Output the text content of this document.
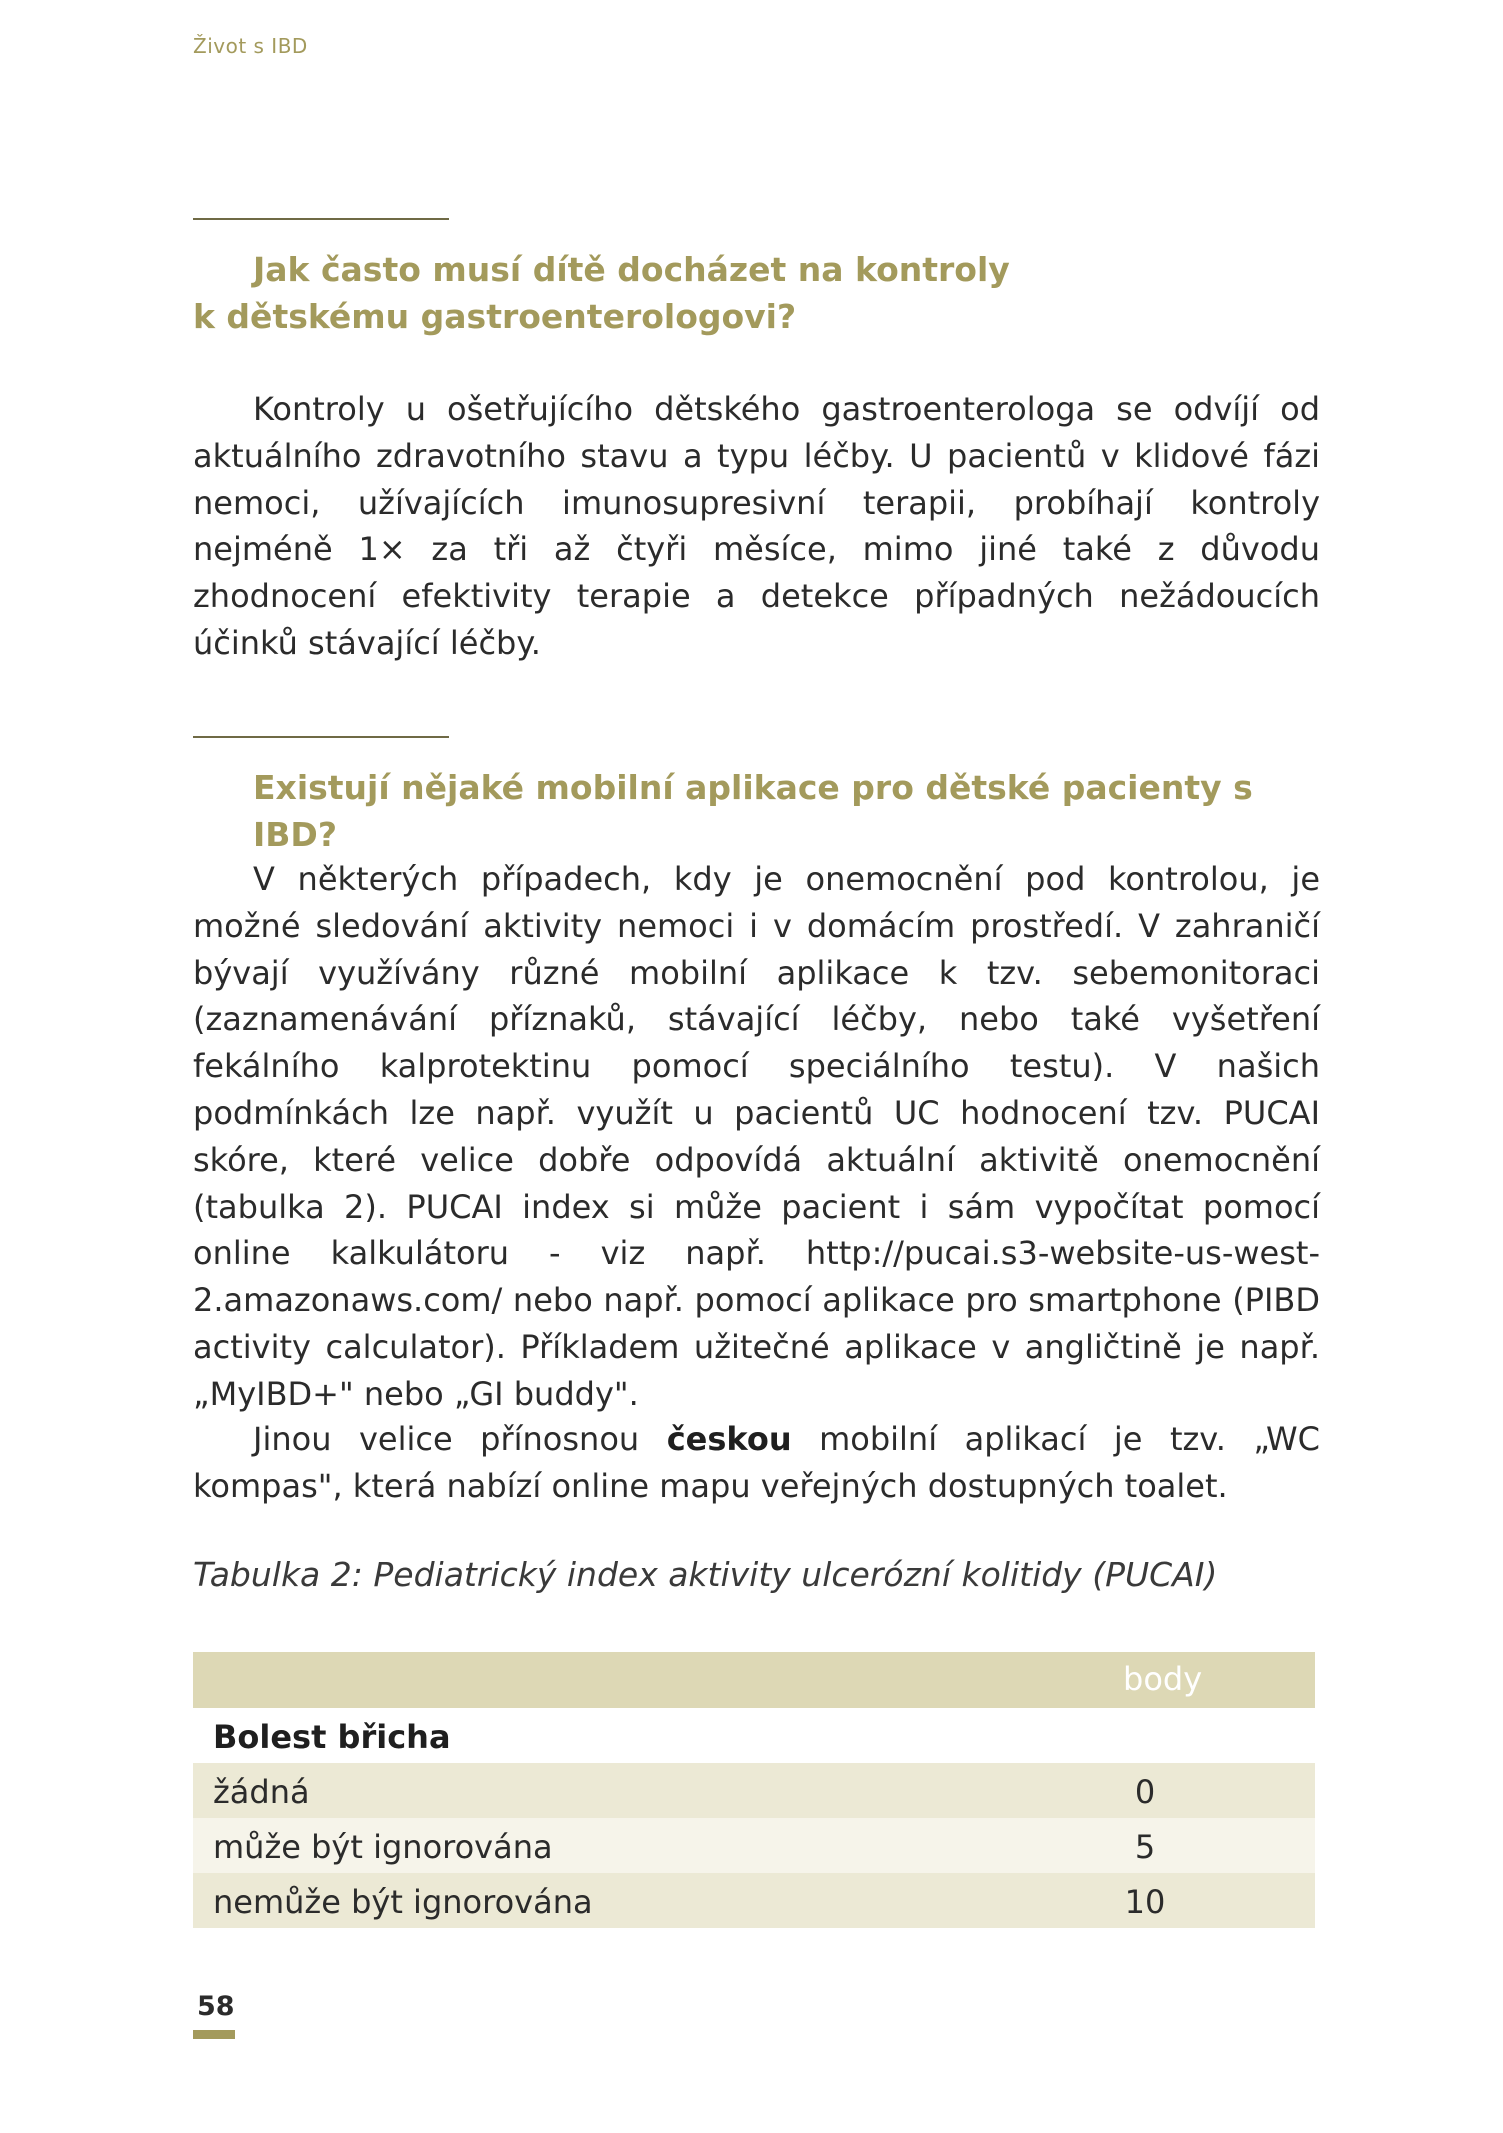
Život s IBD
Jak často musí dítě docházet na kontroly
k dětskému gastroenterologovi?

Kontroly u ošetřujícího dětského gastroenterologa se odvíjí od aktuálního zdravotního stavu a typu léčby. U pacientů v klidové fázi nemoci, užívajících imunosupresivní terapii, probíhají kontroly nejméně 1× za tři až čtyři měsíce, mimo jiné také z důvodu zhodnocení efektivity terapie a detekce případných nežádoucích účinků stávající léčby.

Existují nějaké mobilní aplikace pro dětské pacienty s IBD?

V některých případech, kdy je onemocnění pod kontrolou, je možné sledování aktivity nemoci i v domácím prostředí. V zahraničí bývají využívány různé mobilní aplikace k tzv. sebemonitoraci (zaznamenávání příznaků, stávající léčby, nebo také vyšetření fekálního kalprotektinu pomocí speciálního testu). V našich podmínkách lze např. využít u pacientů UC hodnocení tzv. PUCAI skóre, které velice dobře odpovídá aktuální aktivitě onemocnění (tabulka 2). PUCAI index si může pacient i sám vypočítat pomocí online kalkulátoru - viz např. http://pucai.s3-website-us-west-2.amazonaws.com/ nebo např. pomocí aplikace pro smartphone (PIBD activity calculator). Příkladem užitečné aplikace v angličtině je např. „MyIBD+" nebo „GI buddy".

Jinou velice přínosnou českou mobilní aplikací je tzv. „WC kompas", která nabízí online mapu veřejných dostupných toalet.

Tabulka 2: Pediatrický index aktivity ulcerózní kolitidy (PUCAI)
body
Bolest břicha
žádná	0
může být ignorována	5
nemůže být ignorována	10
58
